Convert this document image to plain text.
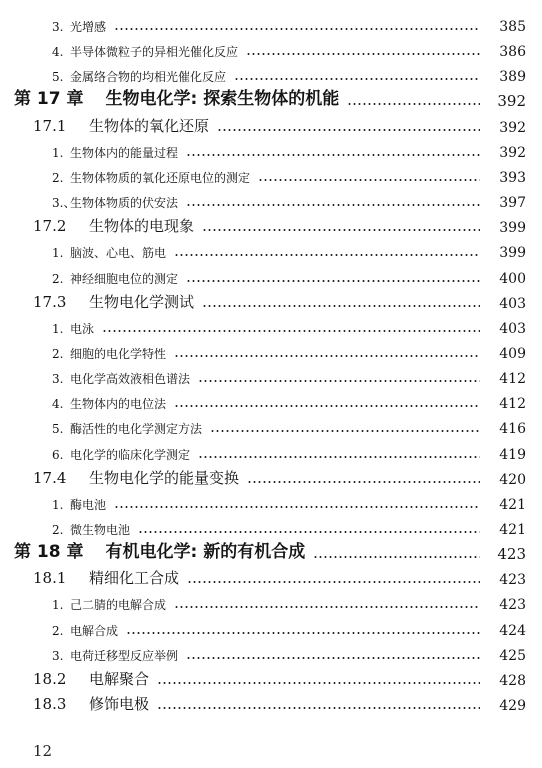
3. 光增感	385
4. 半导体微粒子的异相光催化反应	386
5. 金属络合物的均相光催化反应	389
第 17 章 生物电化学: 探索生物体的机能	392
17.1 生物体的氧化还原	392
1. 生物体内的能量过程	392
2. 生物体物质的氧化还原电位的测定	393
3.、生物体物质的伏安法	397
17.2 生物体的电现象	399
1. 脑波、心电、筋电	399
2. 神经细胞电位的测定	400
17.3 生物电化学测试	403
1. 电泳	403
2. 细胞的电化学特性	409
3. 电化学高效液相色谱法	412
4. 生物体内的电位法	412
5. 酶活性的电化学测定方法	416
6. 电化学的临床化学测定	419
17.4 生物电化学的能量变换	420
1. 酶电池	421
2. 微生物电池	421
第 18 章 有机电化学: 新的有机合成	423
18.1 精细化工合成	423
1. 己二腈的电解合成	423
2. 电解合成	424
3. 电荷迁移型反应举例	425
18.2 电解聚合	428
18.3 修饰电极	429
12
